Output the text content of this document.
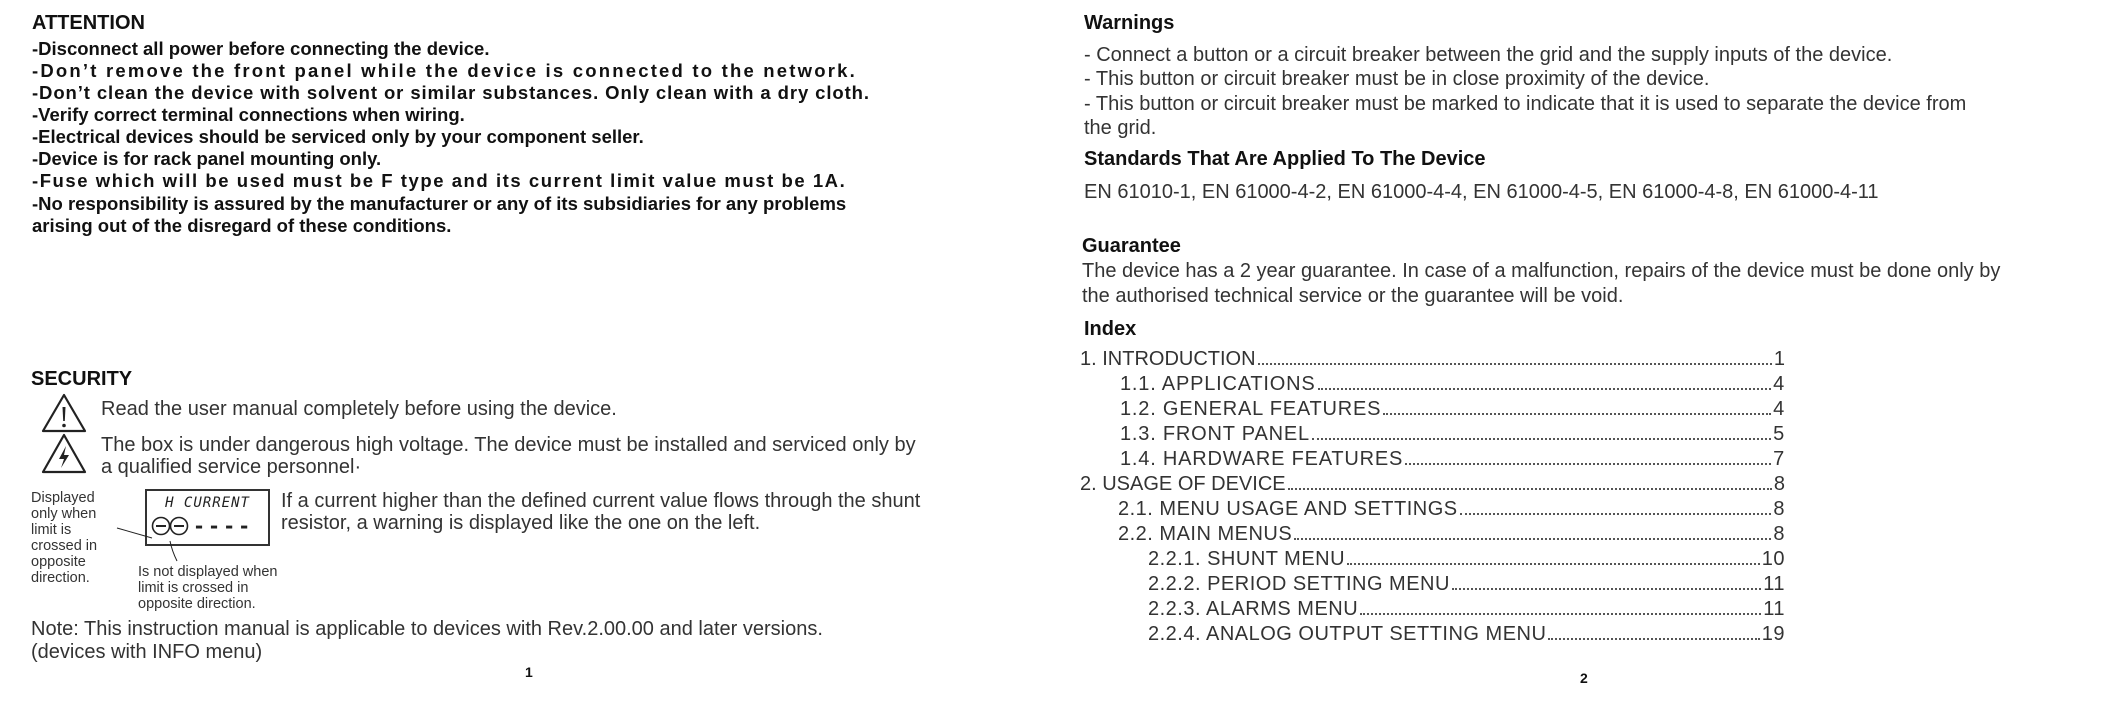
ATTENTION
-Disconnect all power before connecting the device.
-Don’t remove the front panel while the device is connected to the network.
-Don’t clean the device with solvent or similar substances. Only clean with a dry cloth.
-Verify correct terminal connections when wiring.
-Electrical devices should be serviced only by your component seller.
-Device is for rack panel mounting only.
-Fuse which will be used must be F type and its current limit value must be 1A.
-No responsibility is assured by the manufacturer or any of its subsidiaries for any problems
arising out of the disregard of these conditions.
SECURITY
Read the user manual completely before using the device.
The box is under dangerous high voltage. The device must be installed and serviced only by
a qualified service personnel·
Displayed
only when
limit is
crossed in
opposite
direction.
H CURRENT
----
Is not displayed when
limit is crossed in
opposite direction.
If a current higher than the defined current value flows through the shunt
resistor, a warning is displayed like the one on the left.
Note: This instruction manual is applicable to devices with Rev.2.00.00 and later versions.
(devices with INFO menu)
1
Warnings
- Connect a button or a circuit breaker between the grid and the supply inputs of the device.
- This button or circuit breaker must be in close proximity of the device.
- This button or circuit breaker must be marked to indicate that it is used to separate the device from
the grid.
Standards That Are Applied To The Device
EN 61010-1, EN 61000-4-2, EN 61000-4-4, EN 61000-4-5, EN 61000-4-8, EN 61000-4-11
Guarantee
The device has a 2 year guarantee. In case of a malfunction, repairs of the device must be done only by
the authorised technical service or the guarantee will be void.
Index
1. INTRODUCTION	1
1.1. APPLICATIONS	4
1.2. GENERAL FEATURES	4
1.3. FRONT PANEL	5
1.4. HARDWARE FEATURES	7
2. USAGE OF DEVICE	8
2.1. MENU USAGE AND SETTINGS	8
2.2. MAIN MENUS	8
2.2.1. SHUNT MENU	10
2.2.2. PERIOD SETTING MENU	11
2.2.3. ALARMS MENU	11
2.2.4. ANALOG OUTPUT SETTING MENU	19
2
